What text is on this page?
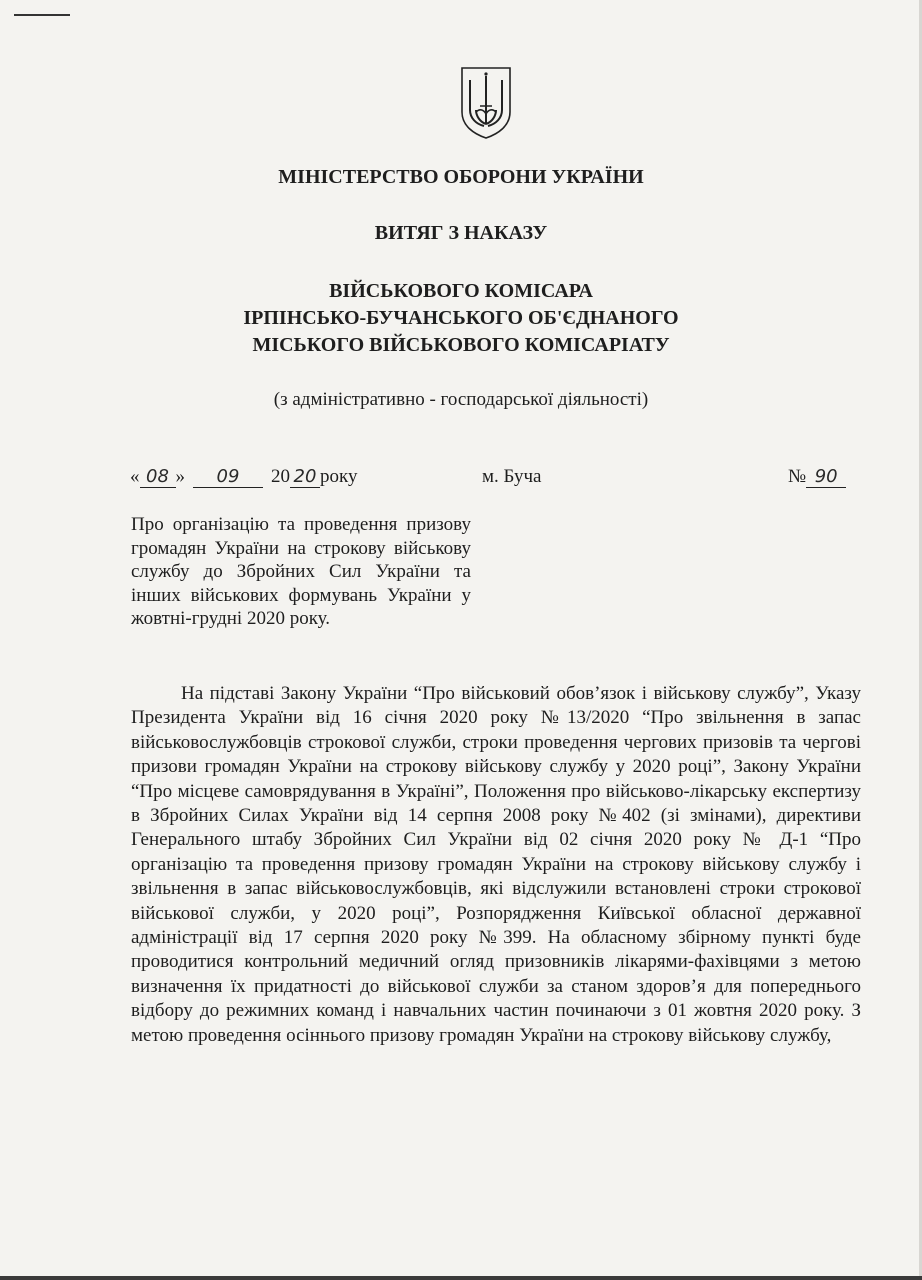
МІНІСТЕРСТВО ОБОРОНИ УКРАЇНИ
ВИТЯГ З НАКАЗУ
ВІЙСЬКОВОГО КОМІСАРА
ІРПІНСЬКО-БУЧАНСЬКОГО ОБ'ЄДНАНОГО
МІСЬКОГО ВІЙСЬКОВОГО КОМІСАРІАТУ
(з адміністративно - господарської діяльності)
« 08 » 09 20 20 року	м. Буча	№ 90
Про організацію та проведення призову громадян України на строкову військову службу до Збройних Сил України та інших військових формувань України у жовтні-грудні 2020 року.
На підставі Закону України “Про військовий обов’язок і військову службу”, Указу Президента України від 16 січня 2020 року №13/2020 “Про звільнення в запас військовослужбовців строкової служби, строки проведення чергових призовів та чергові призови громадян України на строкову військову службу у 2020 році”, Закону України “Про місцеве самоврядування в Україні”, Положення про військово-лікарську експертизу в Збройних Силах України від 14 серпня 2008 року №402 (зі змінами), директиви Генерального штабу Збройних Сил України від 02 січня 2020 року № Д-1 “Про організацію та проведення призову громадян України на строкову військову службу і звільнення в запас військовослужбовців, які відслужили встановлені строки строкової військової служби, у 2020 році”, Розпорядження Київської обласної державної адміністрації від 17 серпня 2020 року №399. На обласному збірному пункті буде проводитися контрольний медичний огляд призовників лікарями-фахівцями з метою визначення їх придатності до військової служби за станом здоров’я для попереднього відбору до режимних команд і навчальних частин починаючи з 01 жовтня 2020 року. З метою проведення осіннього призову громадян України на строкову військову службу,
